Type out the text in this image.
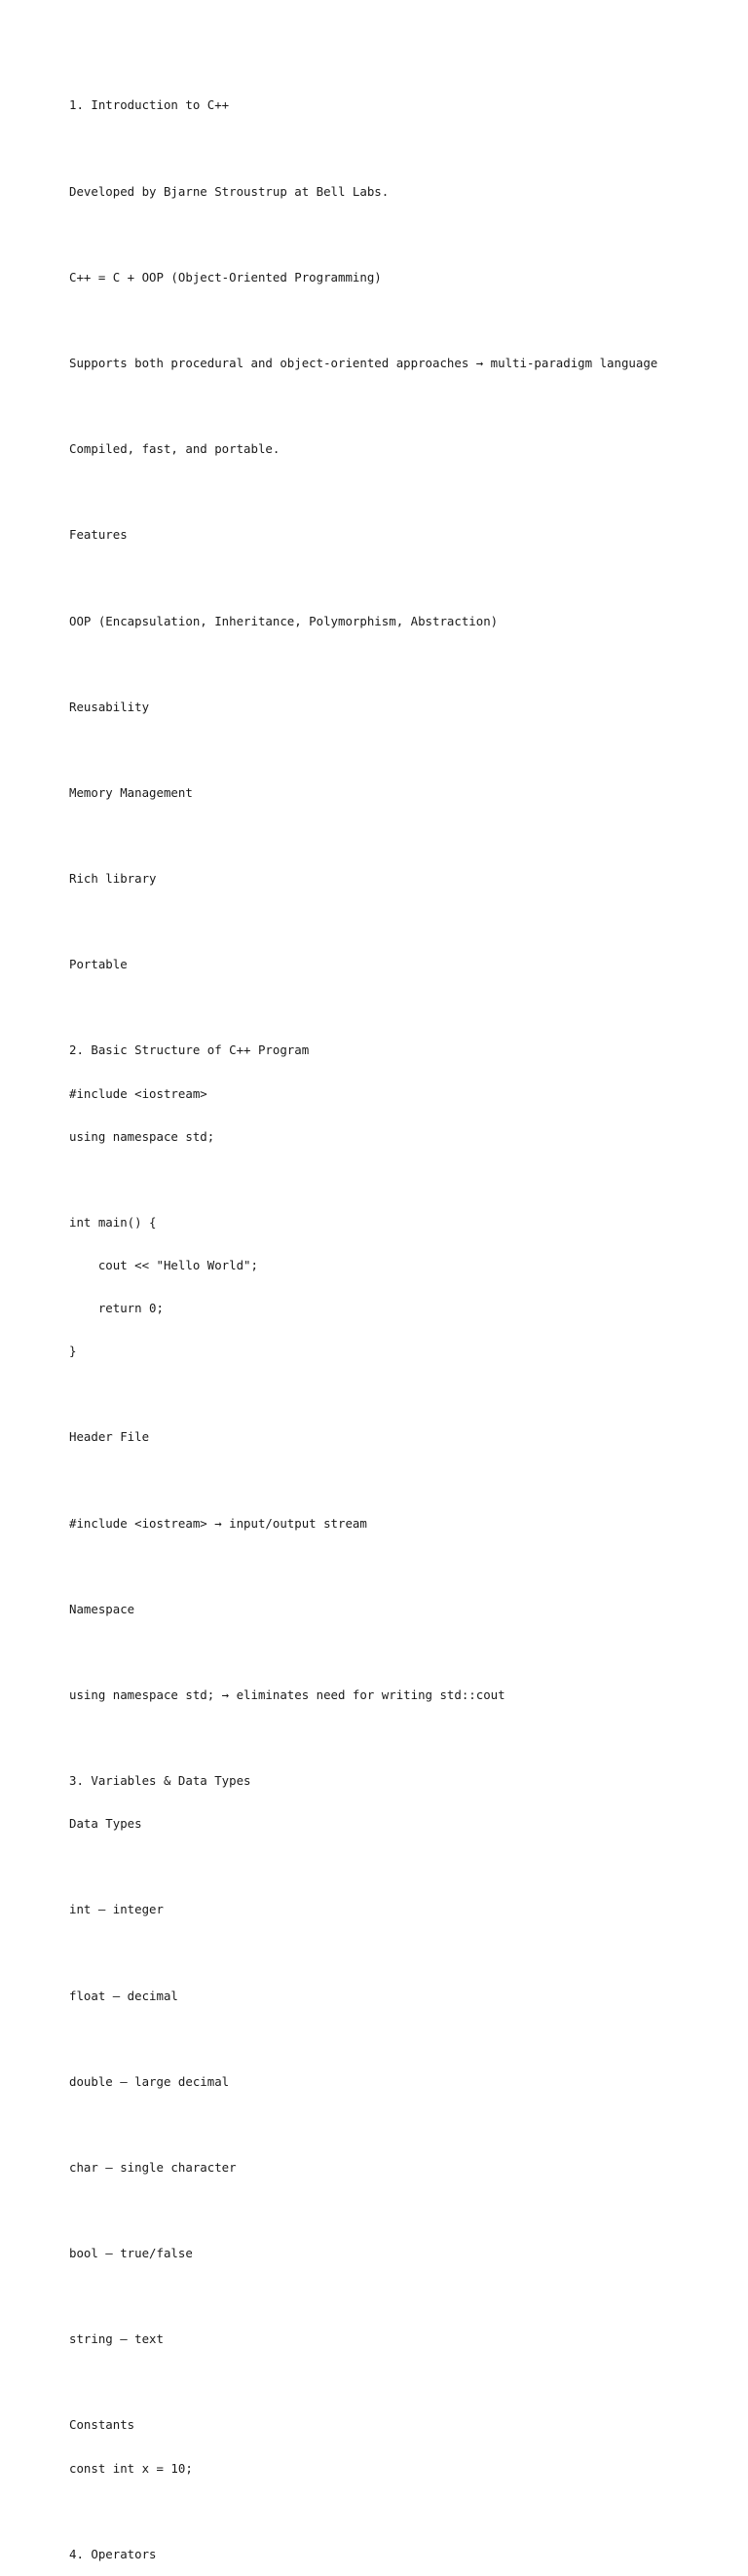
1. Introduction to C++

Developed by Bjarne Stroustrup at Bell Labs.

C++ = C + OOP (Object-Oriented Programming)

Supports both procedural and object-oriented approaches → multi-paradigm language

Compiled, fast, and portable.

Features

OOP (Encapsulation, Inheritance, Polymorphism, Abstraction)

Reusability

Memory Management

Rich library

Portable

2. Basic Structure of C++ Program

#include <iostream>

using namespace std;

int main() {

cout << "Hello World";

return 0;

}

Header File

#include <iostream> → input/output stream

Namespace

using namespace std; → eliminates need for writing std::cout

3. Variables & Data Types

Data Types

int – integer

float – decimal

double – large decimal

char – single character

bool – true/false

string – text

Constants

const int x = 10;

4. Operators
